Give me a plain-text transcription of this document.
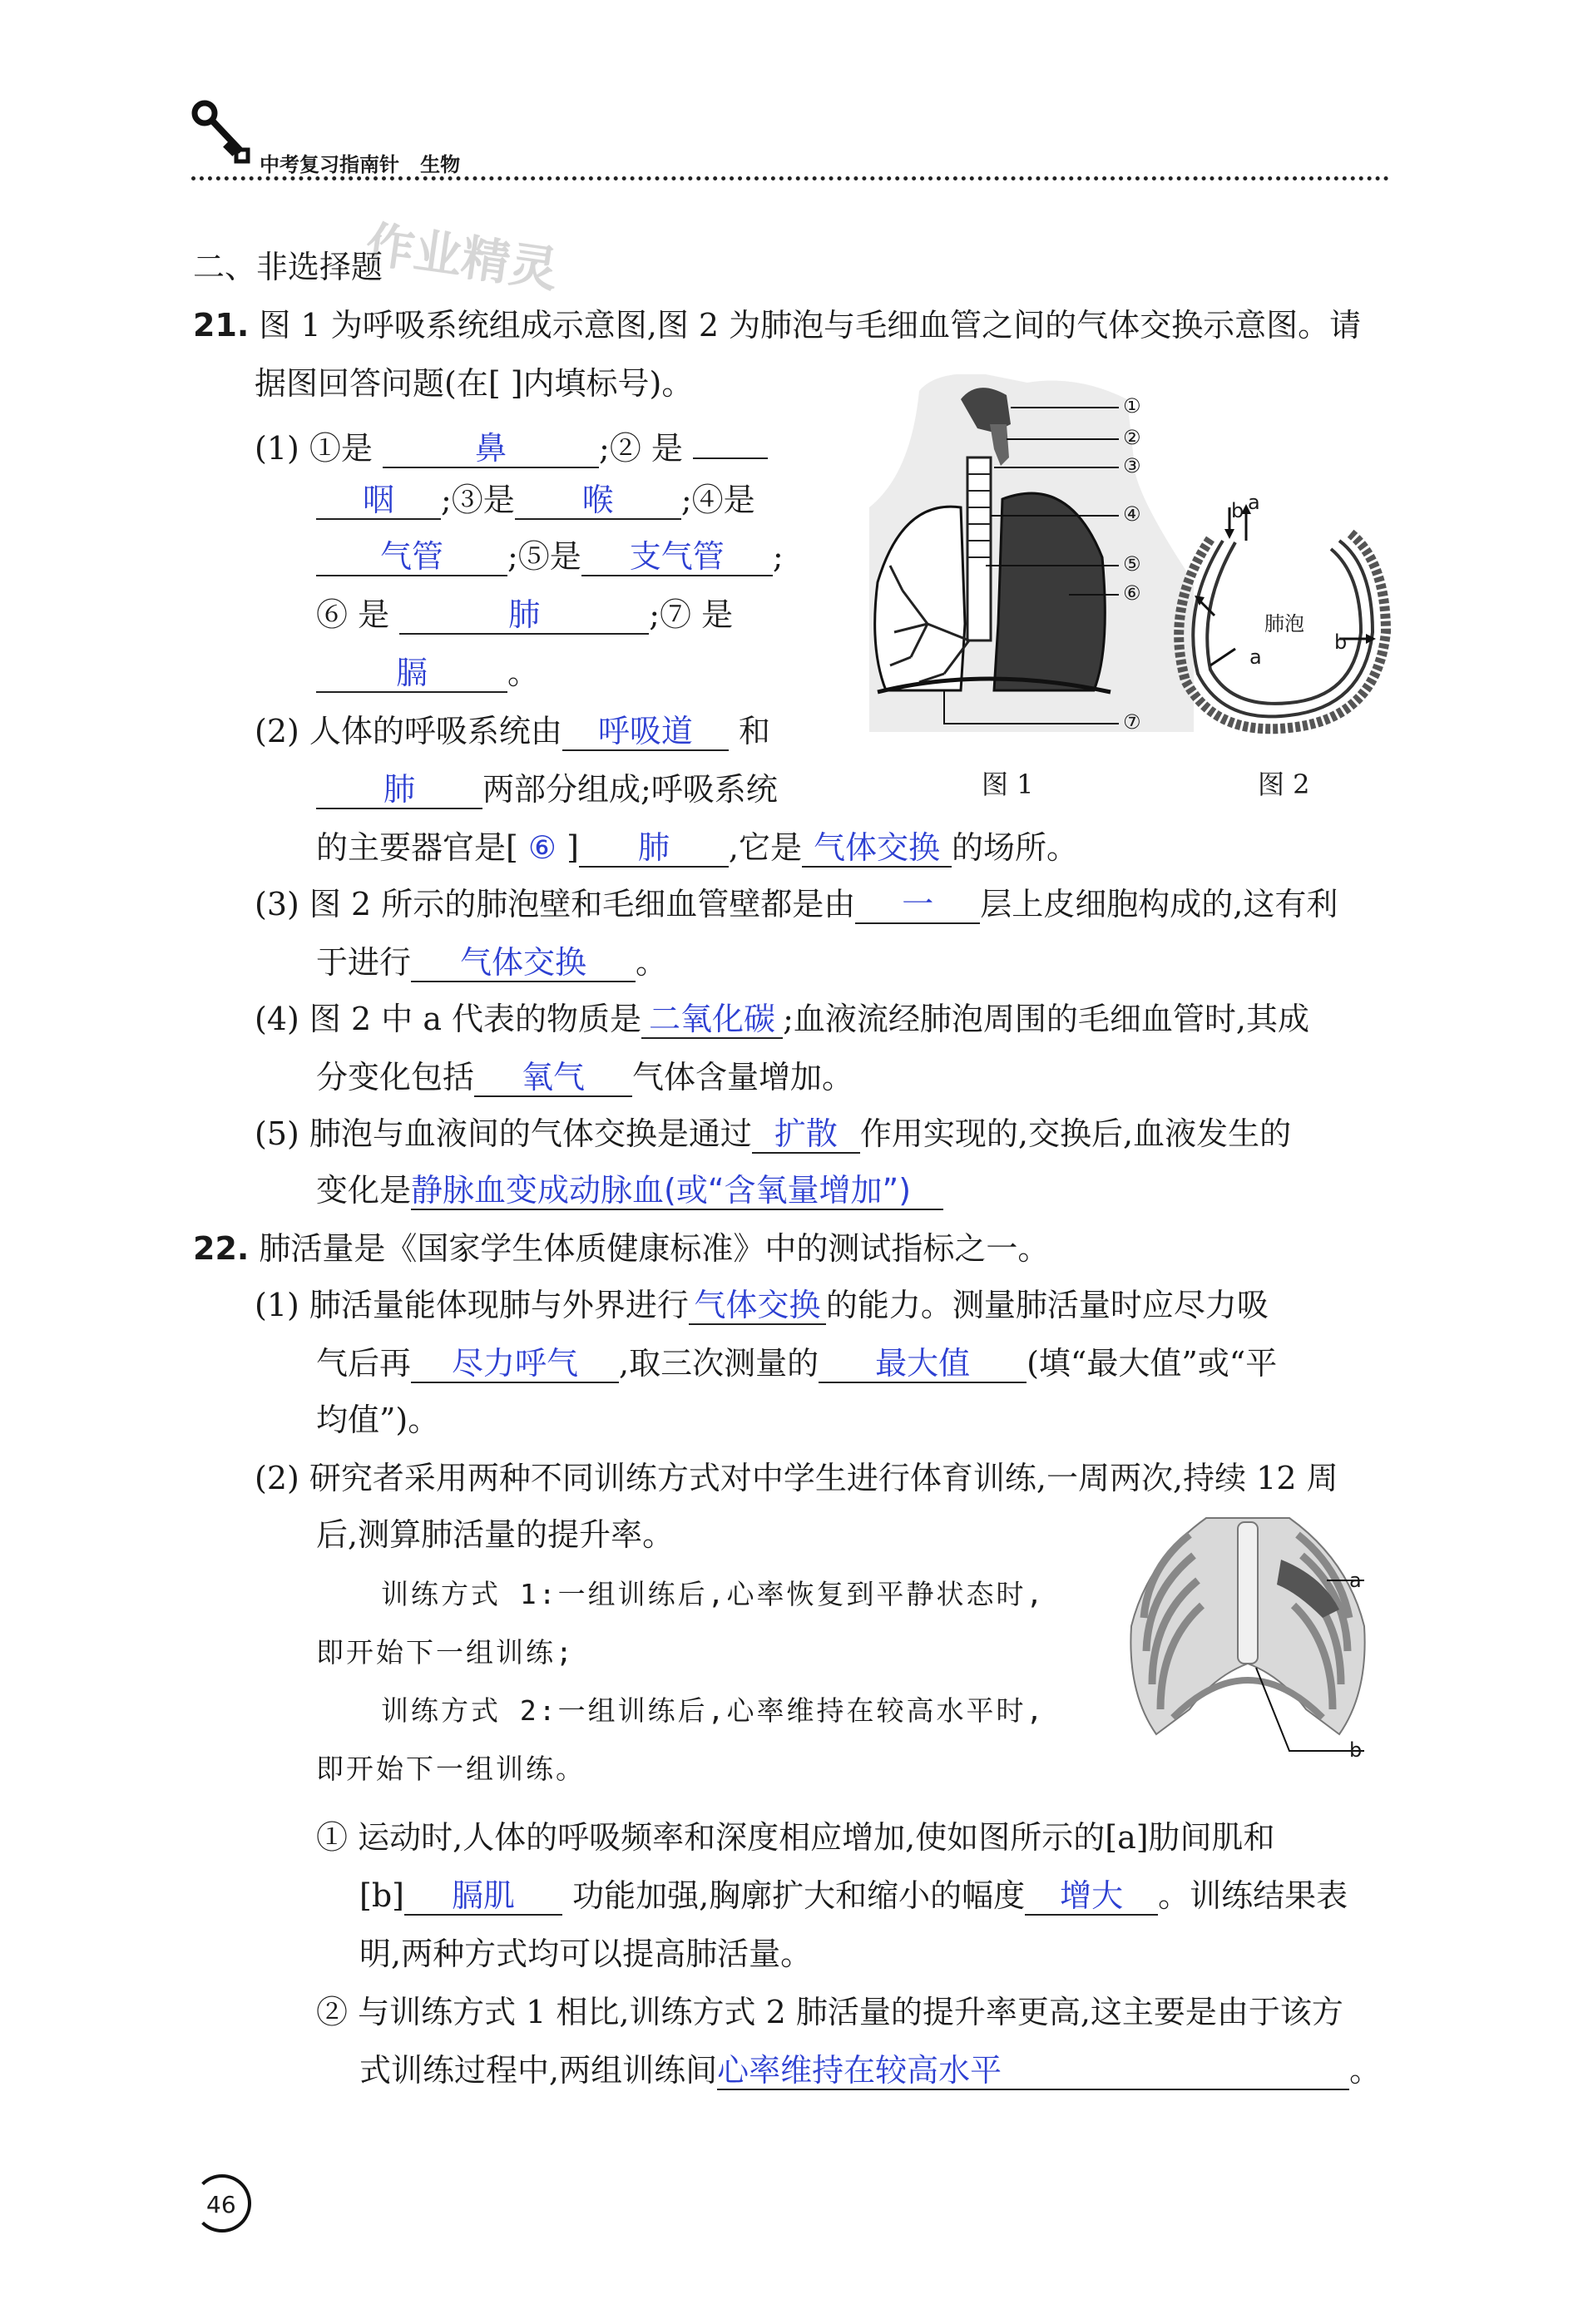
中考复习指南针 生物
作业精灵
二、非选择题
21. 图 1 为呼吸系统组成示意图,图 2 为肺泡与毛细血管之间的气体交换示意图。请
据图回答问题(在[ ]内填标号)。
(1) ①是	鼻	;② 是
咽 ;③是 喉 ;④是
气管 ;⑤是 支气管 ;
⑥ 是	肺	;⑦ 是
膈	。
(2) 人体的呼吸系统由 呼吸道 和
肺 两部分组成;呼吸系统
的主要器官是[ ⑥ ] 肺 ,它是 气体交换 的场所。
(3) 图 2 所示的肺泡壁和毛细血管壁都是由 一 层上皮细胞构成的,这有利
于进行 气体交换 。
(4) 图 2 中 a 代表的物质是 二氧化碳 ;血液流经肺泡周围的毛细血管时,其成
分变化包括 氧气 气体含量增加。
(5) 肺泡与血液间的气体交换是通过 扩散 作用实现的,交换后,血液发生的
变化是静脉血变成动脉血(或“含氧量增加”)
①
②
③
④
⑤
⑥
⑦
图 1
b a
肺泡
b
a
图 2
22. 肺活量是《国家学生体质健康标准》中的测试指标之一。
(1) 肺活量能体现肺与外界进行 气体交换 的能力。测量肺活量时应尽力吸
气后再 尽力呼气 ,取三次测量的 最大值 (填“最大值”或“平
均值”)。
(2) 研究者采用两种不同训练方式对中学生进行体育训练,一周两次,持续 12 周
后,测算肺活量的提升率。
训练方式 1:一组训练后,心率恢复到平静状态时,
即开始下一组训练;
训练方式 2:一组训练后,心率维持在较高水平时,
即开始下一组训练。
a
b
① 运动时,人体的呼吸频率和深度相应增加,使如图所示的[a]肋间肌和
[b] 膈肌 功能加强,胸廓扩大和缩小的幅度 增大 。训练结果表
明,两种方式均可以提高肺活量。
② 与训练方式 1 相比,训练方式 2 肺活量的提升率更高,这主要是由于该方
式训练过程中,两组训练间心率维持在较高水平	。
46
